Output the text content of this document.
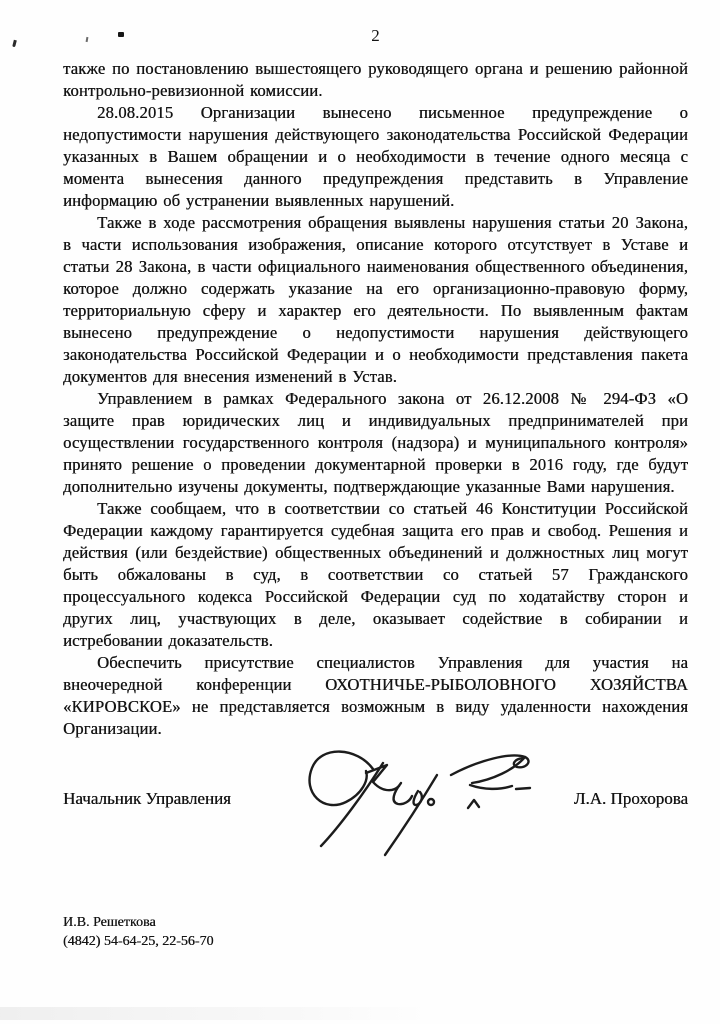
2

также по постановлению вышестоящего руководящего органа и решению районной контрольно-ревизионной комиссии.

28.08.2015 Организации вынесено письменное предупреждение о недопустимости нарушения действующего законодательства Российской Федерации указанных в Вашем обращении и о необходимости в течение одного месяца с момента вынесения данного предупреждения представить в Управление информацию об устранении выявленных нарушений.

Также в ходе рассмотрения обращения выявлены нарушения статьи 20 Закона, в части использования изображения, описание которого отсутствует в Уставе и статьи 28 Закона, в части официального наименования общественного объединения, которое должно содержать указание на его организационно-правовую форму, территориальную сферу и характер его деятельности. По выявленным фактам вынесено предупреждение о недопустимости нарушения действующего законодательства Российской Федерации и о необходимости представления пакета документов для внесения изменений в Устав.

Управлением в рамках Федерального закона от 26.12.2008 № 294-ФЗ «О защите прав юридических лиц и индивидуальных предпринимателей при осуществлении государственного контроля (надзора) и муниципального контроля» принято решение о проведении документарной проверки в 2016 году, где будут дополнительно изучены документы, подтверждающие указанные Вами нарушения.

Также сообщаем, что в соответствии со статьей 46 Конституции Российской Федерации каждому гарантируется судебная защита его прав и свобод. Решения и действия (или бездействие) общественных объединений и должностных лиц могут быть обжалованы в суд, в соответствии со статьей 57 Гражданского процессуального кодекса Российской Федерации суд по ходатайству сторон и других лиц, участвующих в деле, оказывает содействие в собирании и истребовании доказательств.

Обеспечить присутствие специалистов Управления для участия на внеочередной конференции ОХОТНИЧЬЕ-РЫБОЛОВНОГО ХОЗЯЙСТВА «КИРОВСКОЕ» не представляется возможным в виду удаленности нахождения Организации.

Начальник Управления	Л.А. Прохорова
И.В. Решеткова
(4842) 54-64-25, 22-56-70
